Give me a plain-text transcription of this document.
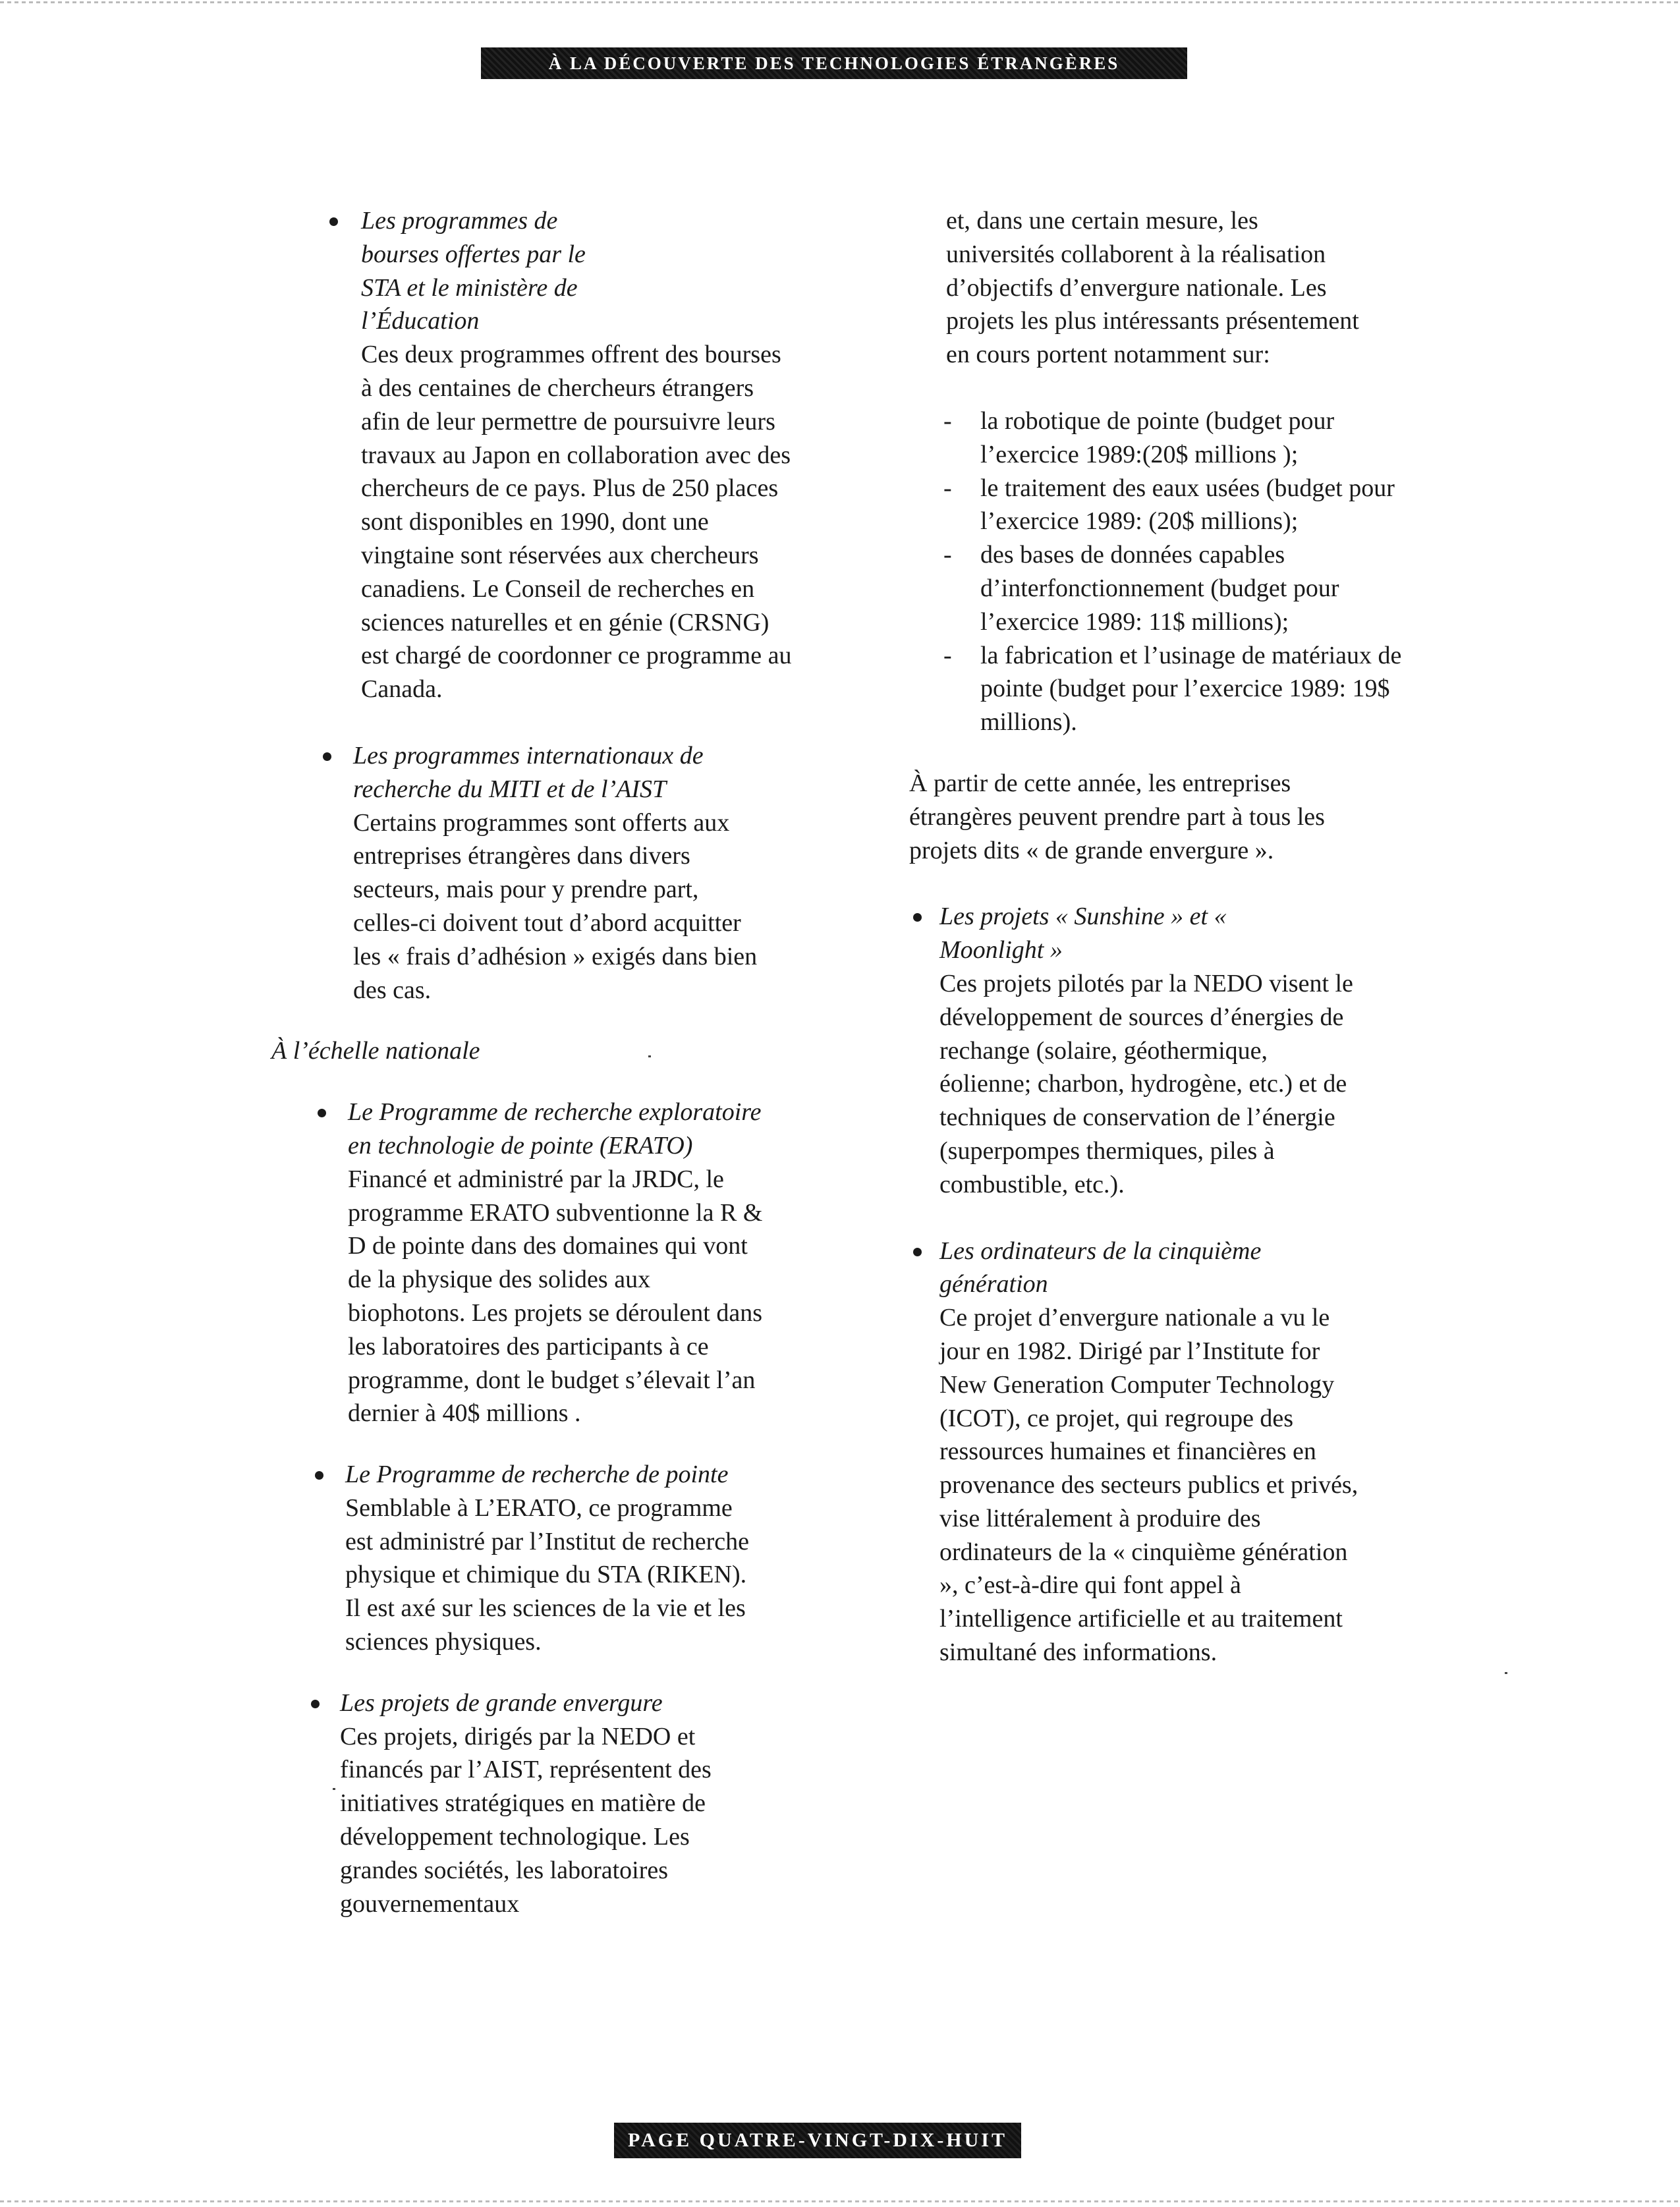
À LA DÉCOUVERTE DES TECHNOLOGIES ÉTRANGÈRES
Les programmes de bourses offertes par le STA et le ministère de l’Éducation
Ces deux programmes offrent des bourses à des centaines de chercheurs étrangers afin de leur permettre de poursuivre leurs travaux au Japon en collaboration avec des chercheurs de ce pays. Plus de 250 places sont disponibles en 1990, dont une vingtaine sont réservées aux chercheurs canadiens. Le Conseil de recherches en sciences naturelles et en génie (CRSNG) est chargé de coordonner ce programme au Canada.
Les programmes internationaux de recherche du MITI et de l’AIST
Certains programmes sont offerts aux entreprises étrangères dans divers secteurs, mais pour y prendre part, celles-ci doivent tout d’abord acquitter les « frais d’adhésion » exigés dans bien des cas.
À l’échelle nationale
Le Programme de recherche exploratoire en technologie de pointe (ERATO)
Financé et administré par la JRDC, le programme ERATO subventionne la R & D de pointe dans des domaines qui vont de la physique des solides aux biophotons. Les projets se déroulent dans les laboratoires des participants à ce programme, dont le budget s’élevait l’an dernier à 40$ millions .
Le Programme de recherche de pointe
Semblable à L’ERATO, ce programme est administré par l’Institut de recherche physique et chimique du STA (RIKEN). Il est axé sur les sciences de la vie et les sciences physiques.
Les projets de grande envergure
Ces projets, dirigés par la NEDO et financés par l’AIST, représentent des initiatives stratégiques en matière de développement technologique. Les grandes sociétés, les laboratoires gouvernementaux
et, dans une certain mesure, les universités collaborent à la réalisation d’objectifs d’envergure nationale. Les projets les plus intéressants présentement en cours portent notamment sur:
- la robotique de pointe (budget pour l’exercice 1989:(20$ millions );
- le traitement des eaux usées (budget pour l’exercice 1989: (20$ millions);
- des bases de données capables d’interfonctionnement (budget pour l’exercice 1989: 11$ millions);
- la fabrication et l’usinage de matériaux de pointe (budget pour l’exercice 1989: 19$ millions).
À partir de cette année, les entreprises étrangères peuvent prendre part à tous les projets dits « de grande envergure ».
Les projets « Sunshine » et « Moonlight »
Ces projets pilotés par la NEDO visent le développement de sources d’énergies de rechange (solaire, géothermique, éolienne; charbon, hydrogène, etc.) et de techniques de conservation de l’énergie (superpompes thermiques, piles à combustible, etc.).
Les ordinateurs de la cinquième génération
Ce projet d’envergure nationale a vu le jour en 1982. Dirigé par l’Institute for New Generation Computer Technology (ICOT), ce projet, qui regroupe des ressources humaines et financières en provenance des secteurs publics et privés, vise littéralement à produire des ordinateurs de la « cinquième génération », c’est-à-dire qui font appel à l’intelligence artificielle et au traitement simultané des informations.
PAGE QUATRE-VINGT-DIX-HUIT
